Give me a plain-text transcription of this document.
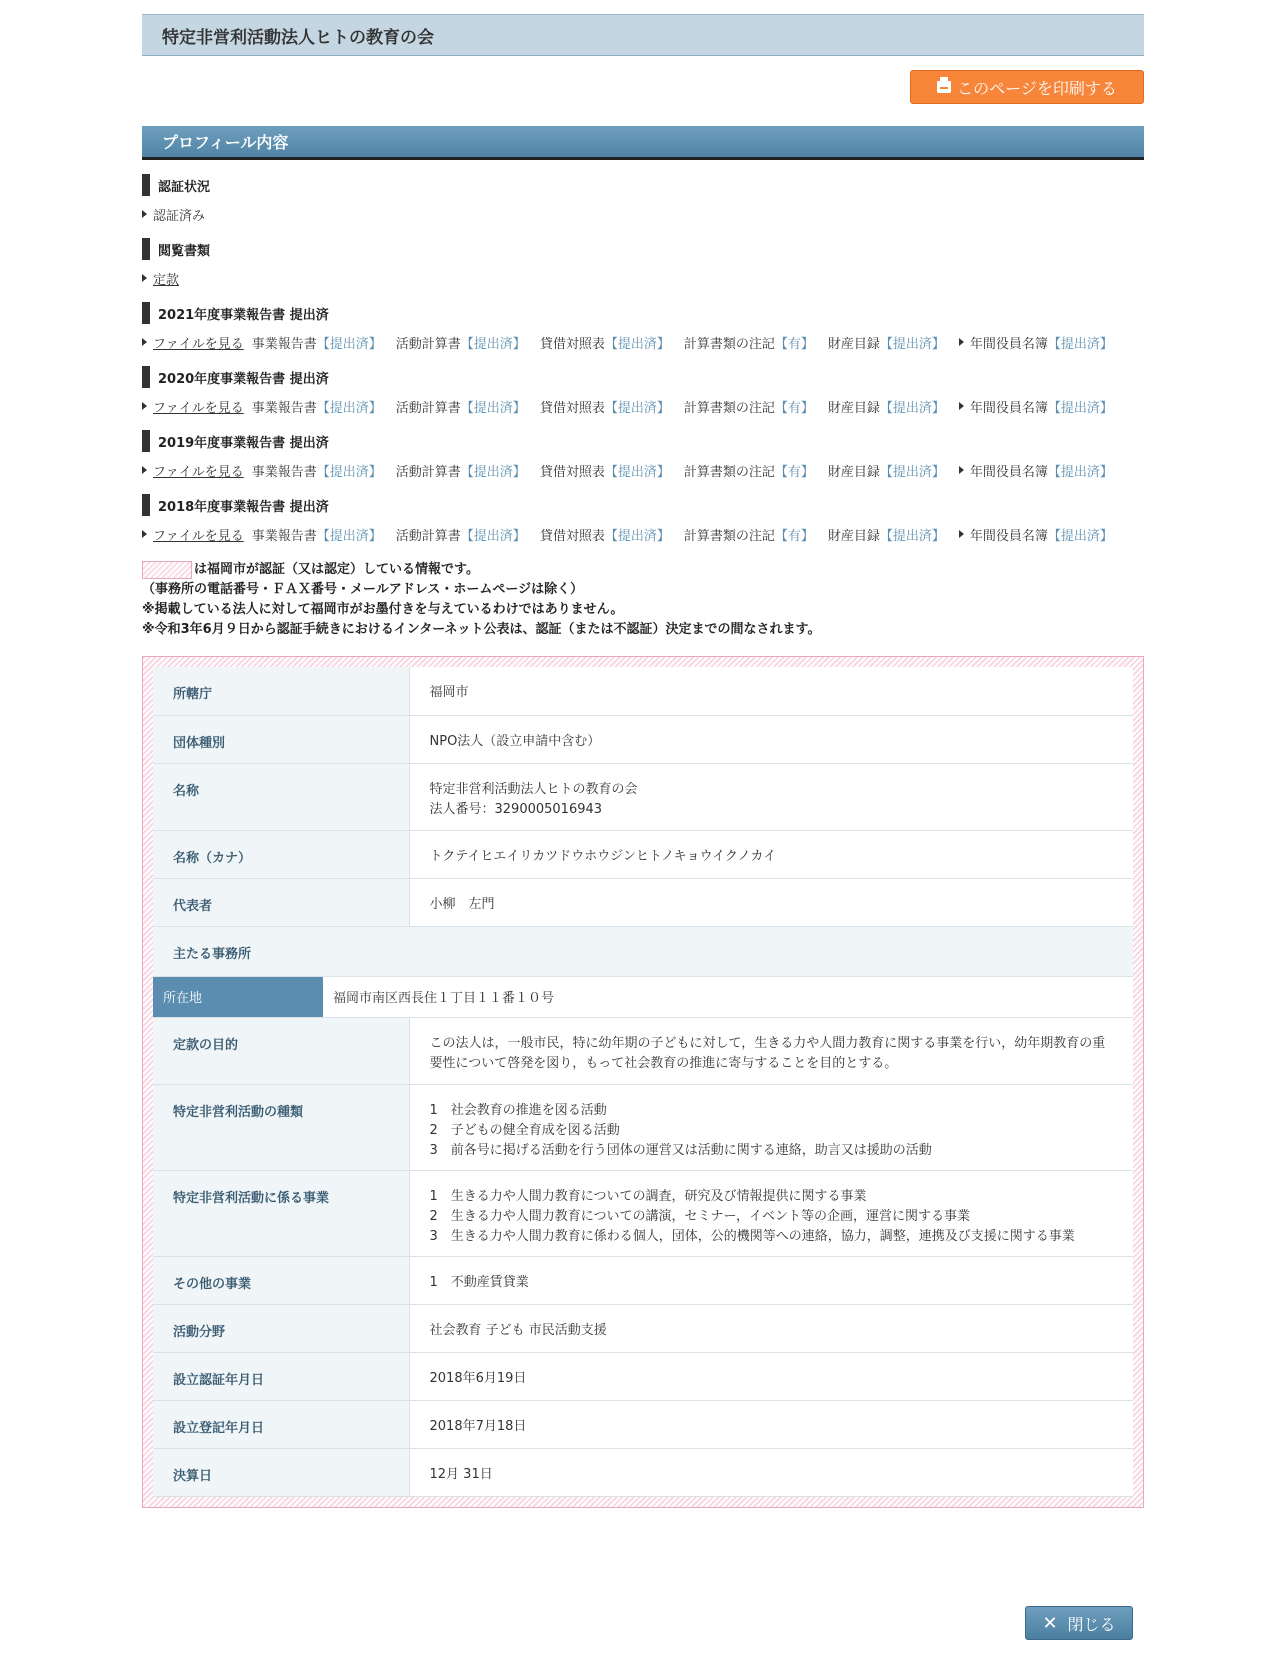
特定非営利活動法人ヒトの教育の会
このページを印刷する
プロフィール内容
認証状況
認証済み
閲覧書類
定款
2021年度事業報告書 提出済
ファイルを見る 事業報告書 【提出済】 活動計算書 【提出済】 貸借対照表 【提出済】 計算書類の注記 【有】 財産目録 【提出済】 年間役員名簿 【提出済】
2020年度事業報告書 提出済
ファイルを見る 事業報告書 【提出済】 活動計算書 【提出済】 貸借対照表 【提出済】 計算書類の注記 【有】 財産目録 【提出済】 年間役員名簿 【提出済】
2019年度事業報告書 提出済
ファイルを見る 事業報告書 【提出済】 活動計算書 【提出済】 貸借対照表 【提出済】 計算書類の注記 【有】 財産目録 【提出済】 年間役員名簿 【提出済】
2018年度事業報告書 提出済
ファイルを見る 事業報告書 【提出済】 活動計算書 【提出済】 貸借対照表 【提出済】 計算書類の注記 【有】 財産目録 【提出済】 年間役員名簿 【提出済】
は福岡市が認証（又は認定）している情報です。
（事務所の電話番号・ＦＡＸ番号・メールアドレス・ホームページは除く）
※掲載している法人に対して福岡市がお墨付きを与えているわけではありません。
※令和3年6月９日から認証手続きにおけるインターネット公表は、認証（または不認証）決定までの間なされます。
所轄庁	福岡市
団体種別	NPO法人（設立申請中含む）
名称	特定非営利活動法人ヒトの教育の会
法人番号：3290005016943

名称（カナ）	トクテイヒエイリカツドウホウジンヒトノキョウイクノカイ
代表者	小柳　左門

主たる事務所
所在地 福岡市南区西長住１丁目１１番１０号	

定款の目的	この法人は，一般市民，特に幼年期の子どもに対して，生きる力や人間力教育に関する事業を行い，幼年期教育の重要性について啓発を図り，もって社会教育の推進に寄与することを目的とする。
特定非営利活動の種類	1　社会教育の推進を図る活動
2　子どもの健全育成を図る活動
3　前各号に掲げる活動を行う団体の運営又は活動に関する連絡，助言又は援助の活動

特定非営利活動に係る事業	1　生きる力や人間力教育についての調査，研究及び情報提供に関する事業
2　生きる力や人間力教育についての講演，セミナー，イベント等の企画，運営に関する事業
3　生きる力や人間力教育に係わる個人，団体，公的機関等への連絡，協力，調整，連携及び支援に関する事業

その他の事業	1　不動産賃貸業
活動分野	社会教育 子ども 市民活動支援
設立認証年月日	2018年6月19日
設立登記年月日	2018年7月18日
決算日	12月 31日
✕ 閉じる
